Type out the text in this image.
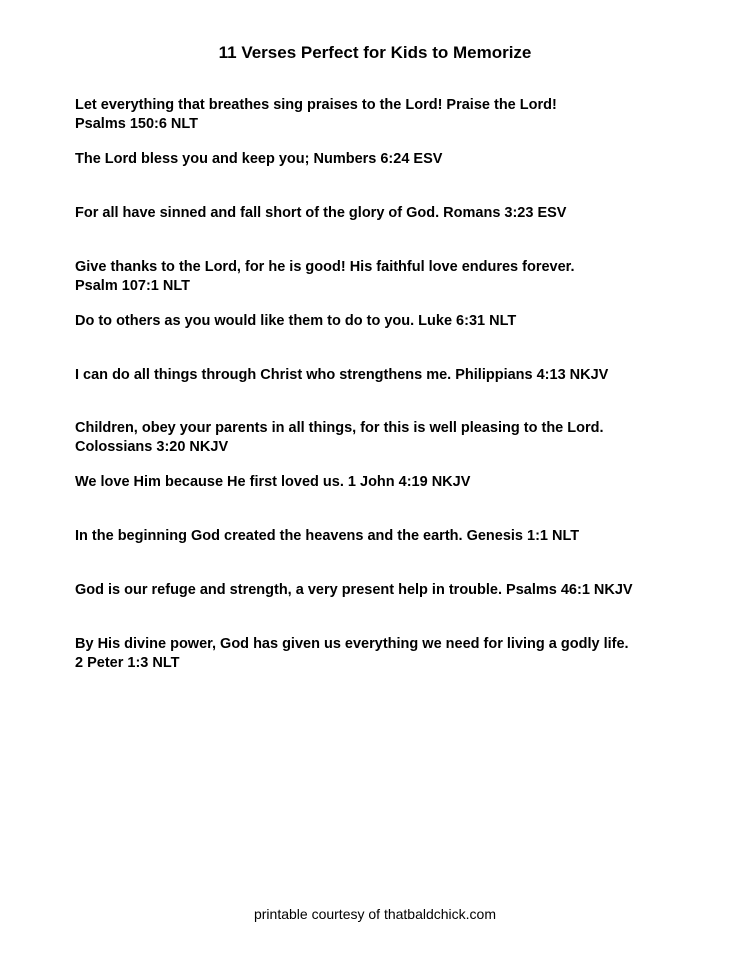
11 Verses Perfect for Kids to Memorize
Let everything that breathes sing praises to the Lord! Praise the Lord!
Psalms 150:6 NLT
The Lord bless you and keep you; Numbers 6:24 ESV
For all have sinned and fall short of the glory of God. Romans 3:23 ESV
Give thanks to the Lord, for he is good! His faithful love endures forever.
Psalm 107:1 NLT
Do to others as you would like them to do to you. Luke 6:31 NLT
I can do all things through Christ who strengthens me. Philippians 4:13 NKJV
Children, obey your parents in all things, for this is well pleasing to the Lord.
Colossians 3:20 NKJV
We love Him because He first loved us. 1 John 4:19 NKJV
In the beginning God created the heavens and the earth. Genesis 1:1 NLT
God is our refuge and strength, a very present help in trouble. Psalms 46:1 NKJV
By His divine power, God has given us everything we need for living a godly life.
2 Peter 1:3 NLT
printable courtesy of thatbaldchick.com
